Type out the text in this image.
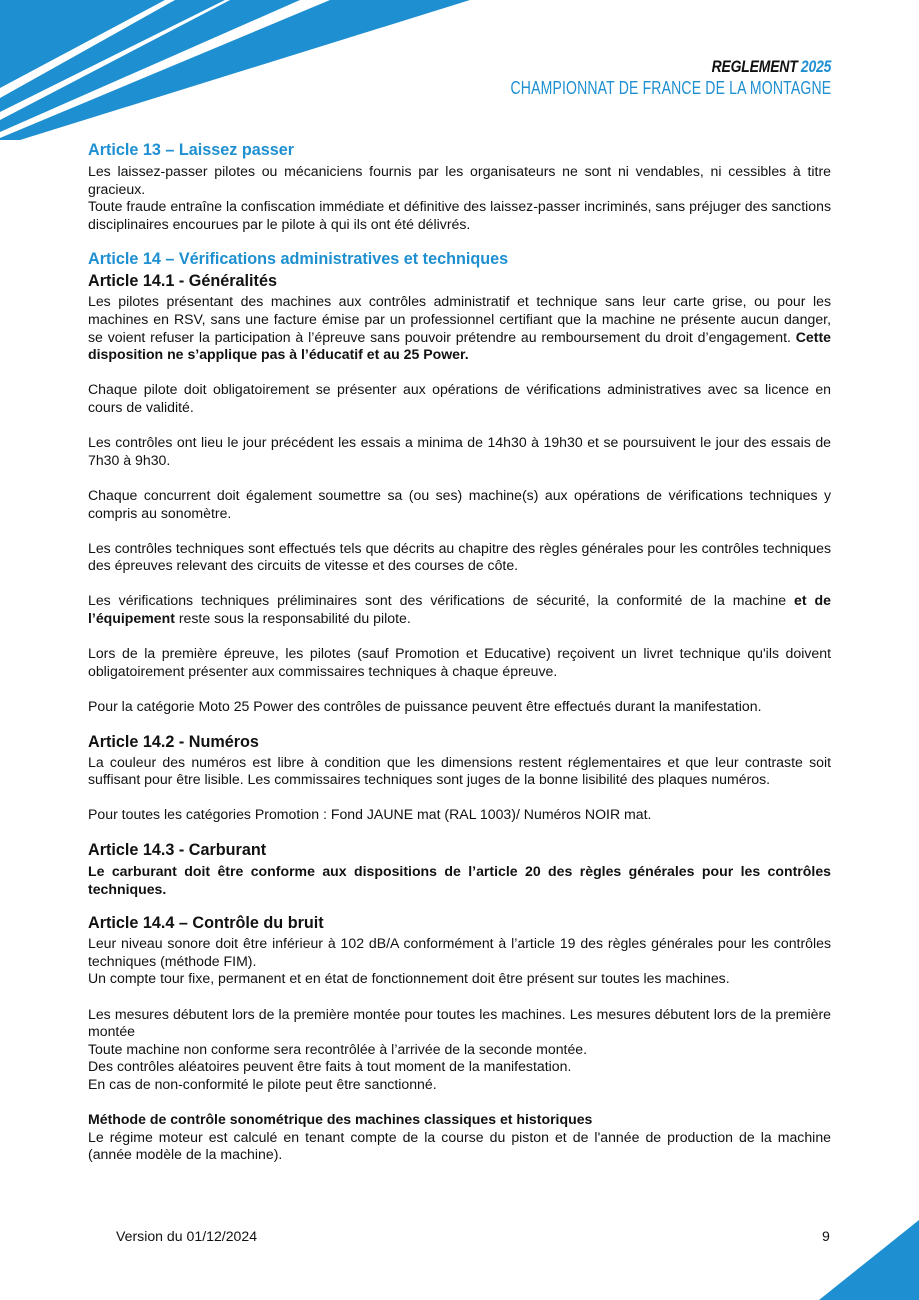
REGLEMENT 2025
CHAMPIONNAT DE FRANCE DE LA MONTAGNE
Article 13 – Laissez passer

Les laissez-passer pilotes ou mécaniciens fournis par les organisateurs ne sont ni vendables, ni cessibles à titre gracieux.

Toute fraude entraîne la confiscation immédiate et définitive des laissez-passer incriminés, sans préjuger des sanctions disciplinaires encourues par le pilote à qui ils ont été délivrés.

Article 14 – Vérifications administratives et techniques
Article 14.1 - Généralités

Les pilotes présentant des machines aux contrôles administratif et technique sans leur carte grise, ou pour les machines en RSV, sans une facture émise par un professionnel certifiant que la machine ne présente aucun danger, se voient refuser la participation à l’épreuve sans pouvoir prétendre au remboursement du droit d’engagement. Cette disposition ne s’applique pas à l’éducatif et au 25 Power.

Chaque pilote doit obligatoirement se présenter aux opérations de vérifications administratives avec sa licence en cours de validité.

Les contrôles ont lieu le jour précédent les essais a minima de 14h30 à 19h30 et se poursuivent le jour des essais de 7h30 à 9h30.

Chaque concurrent doit également soumettre sa (ou ses) machine(s) aux opérations de vérifications techniques y compris au sonomètre.

Les contrôles techniques sont effectués tels que décrits au chapitre des règles générales pour les contrôles techniques des épreuves relevant des circuits de vitesse et des courses de côte.

Les vérifications techniques préliminaires sont des vérifications de sécurité, la conformité de la machine et de l’équipement reste sous la responsabilité du pilote.

Lors de la première épreuve, les pilotes (sauf Promotion et Educative) reçoivent un livret technique qu'ils doivent obligatoirement présenter aux commissaires techniques à chaque épreuve.

Pour la catégorie Moto 25 Power des contrôles de puissance peuvent être effectués durant la manifestation.

Article 14.2 - Numéros

La couleur des numéros est libre à condition que les dimensions restent réglementaires et que leur contraste soit suffisant pour être lisible. Les commissaires techniques sont juges de la bonne lisibilité des plaques numéros.

Pour toutes les catégories Promotion : Fond JAUNE mat (RAL 1003)/ Numéros NOIR mat.

Article 14.3 - Carburant

Le carburant doit être conforme aux dispositions de l’article 20 des règles générales pour les contrôles techniques.

Article 14.4 – Contrôle du bruit

Leur niveau sonore doit être inférieur à 102 dB/A conformément à l’article 19 des règles générales pour les contrôles techniques (méthode FIM).

Un compte tour fixe, permanent et en état de fonctionnement doit être présent sur toutes les machines.

Les mesures débutent lors de la première montée pour toutes les machines. Les mesures débutent lors de la première montée

Toute machine non conforme sera recontrôlée à l’arrivée de la seconde montée.

Des contrôles aléatoires peuvent être faits à tout moment de la manifestation.

En cas de non-conformité le pilote peut être sanctionné.

Méthode de contrôle sonométrique des machines classiques et historiques

Le régime moteur est calculé en tenant compte de la course du piston et de l'année de production de la machine (année modèle de la machine).

Version du 01/12/2024	9
